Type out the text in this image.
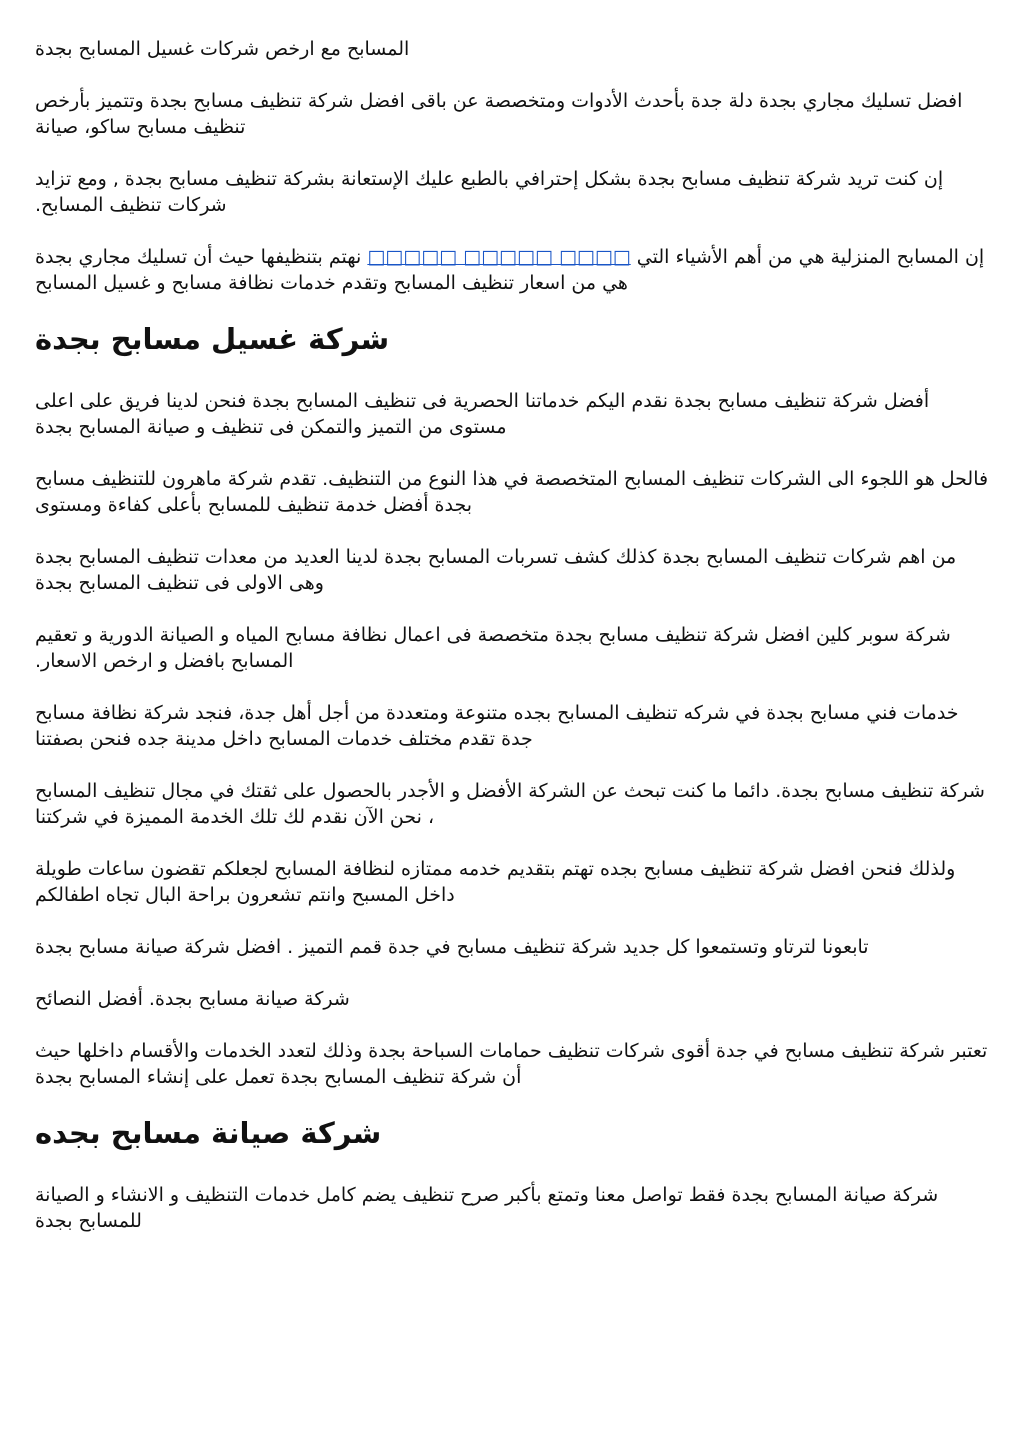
المسابح مع ارخص شركات غسيل المسابح بجدة

افضل تسليك مجاري بجدة دلة جدة بأحدث الأدوات ومتخصصة عن باقى افضل شركة تنظيف مسابح بجدة وتتميز بأرخص تنظيف مسابح ساكو، صيانة

إن كنت تريد شركة تنظيف مسابح بجدة بشكل إحترافي بالطبع عليك الإستعانة بشركة تنظيف مسابح بجدة , ومع تزايد شركات تنظيف المسابح.

إن المسابح المنزلية هي من أهم الأشياء التي □□□□ □□□□□ □□□□□ نهتم بتنظيفها حيث أن تسليك مجاري بجدة هي من اسعار تنظيف المسابح وتقدم خدمات نظافة مسابح و غسيل المسابح

شركة غسيل مسابح بجدة

أفضل شركة تنظيف مسابح بجدة نقدم اليكم خدماتنا الحصرية فى تنظيف المسابح بجدة فنحن لدينا فريق على اعلى مستوى من التميز والتمكن فى تنظيف و صيانة المسابح بجدة

فالحل هو اللجوء الى الشركات تنظيف المسابح المتخصصة في هذا النوع من التنظيف. تقدم شركة ماهرون للتنظيف مسابح بجدة أفضل خدمة تنظيف للمسابح بأعلى كفاءة ومستوى

من اهم شركات تنظيف المسابح بجدة كذلك كشف تسربات المسابح بجدة لدينا العديد من معدات تنظيف المسابح بجدة وهى الاولى فى تنظيف المسابح بجدة

شركة سوبر كلين افضل شركة تنظيف مسابح بجدة متخصصة فى اعمال نظافة مسابح المياه و الصيانة الدورية و تعقيم المسابح بافضل و ارخص الاسعار.

خدمات فني مسابح بجدة في شركه تنظيف المسابح بجده متنوعة ومتعددة من أجل أهل جدة، فنجد شركة نظافة مسابح جدة تقدم مختلف خدمات المسابح داخل مدينة جده فنحن بصفتنا

شركة تنظيف مسابح بجدة. دائما ما كنت تبحث عن الشركة الأفضل و الأجدر بالحصول على ثقتك في مجال تنظيف المسابح ، نحن الآن نقدم لك تلك الخدمة المميزة في شركتنا

ولذلك فنحن افضل شركة تنظيف مسابح بجده تهتم بتقديم خدمه ممتازه لنظافة المسابح لجعلكم تقضون ساعات طويلة داخل المسبح وانتم تشعرون براحة البال تجاه اطفالكم

تابعونا لترتاو وتستمعوا كل جديد شركة تنظيف مسابح في جدة قمم التميز . افضل شركة صيانة مسابح بجدة

شركة صيانة مسابح بجدة. أفضل النصائح

تعتبر شركة تنظيف مسابح في جدة أقوى شركات تنظيف حمامات السباحة بجدة وذلك لتعدد الخدمات والأقسام داخلها حيث أن شركة تنظيف المسابح بجدة تعمل على إنشاء المسابح بجدة

شركة صيانة مسابح بجده

شركة صيانة المسابح بجدة فقط تواصل معنا وتمتع بأكبر صرح تنظيف يضم كامل خدمات التنظيف و الانشاء و الصيانة للمسابح بجدة
